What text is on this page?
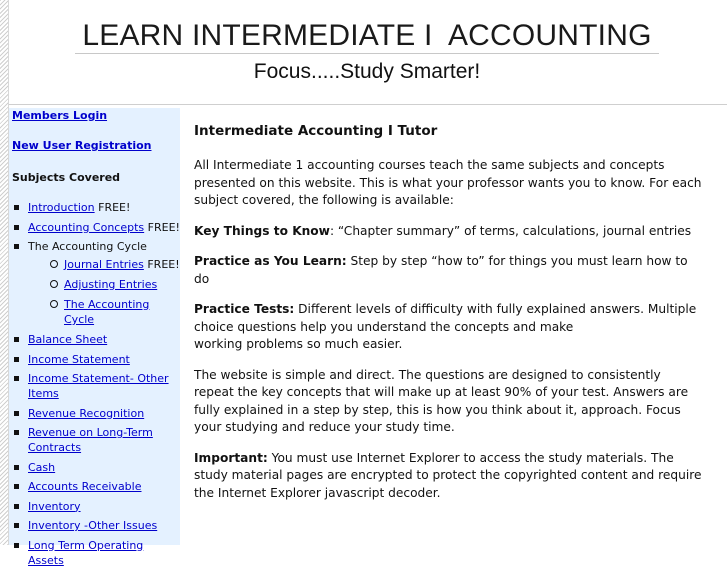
LEARN INTERMEDIATE I  ACCOUNTING
Focus.....Study Smarter!
Members Login
New User Registration
Subjects Covered
Introduction FREE!
Accounting Concepts FREE!
The Accounting Cycle
Journal Entries FREE!
Adjusting Entries
The Accounting Cycle
Balance Sheet
Income Statement
Income Statement- Other Items
Revenue Recognition
Revenue on Long-Term Contracts
Cash
Accounts Receivable
Inventory
Inventory -Other Issues
Long Term Operating Assets
Intermediate Accounting I Tutor

All Intermediate 1 accounting courses teach the same subjects and concepts presented on this website. This is what your professor wants you to know. For each subject covered, the following is available:

Key Things to Know: “Chapter summary” of terms, calculations, journal entries

Practice as You Learn: Step by step “how to” for things you must learn how to do

Practice Tests: Different levels of difficulty with fully explained answers. Multiple choice questions help you understand the concepts and make
working problems so much easier.

The website is simple and direct. The questions are designed to consistently repeat the key concepts that will make up at least 90% of your test. Answers are fully explained in a step by step, this is how you think about it, approach. Focus your studying and reduce your study time.

Important: You must use Internet Explorer to access the study materials. The study material pages are encrypted to protect the copyrighted content and require the Internet Explorer javascript decoder.
